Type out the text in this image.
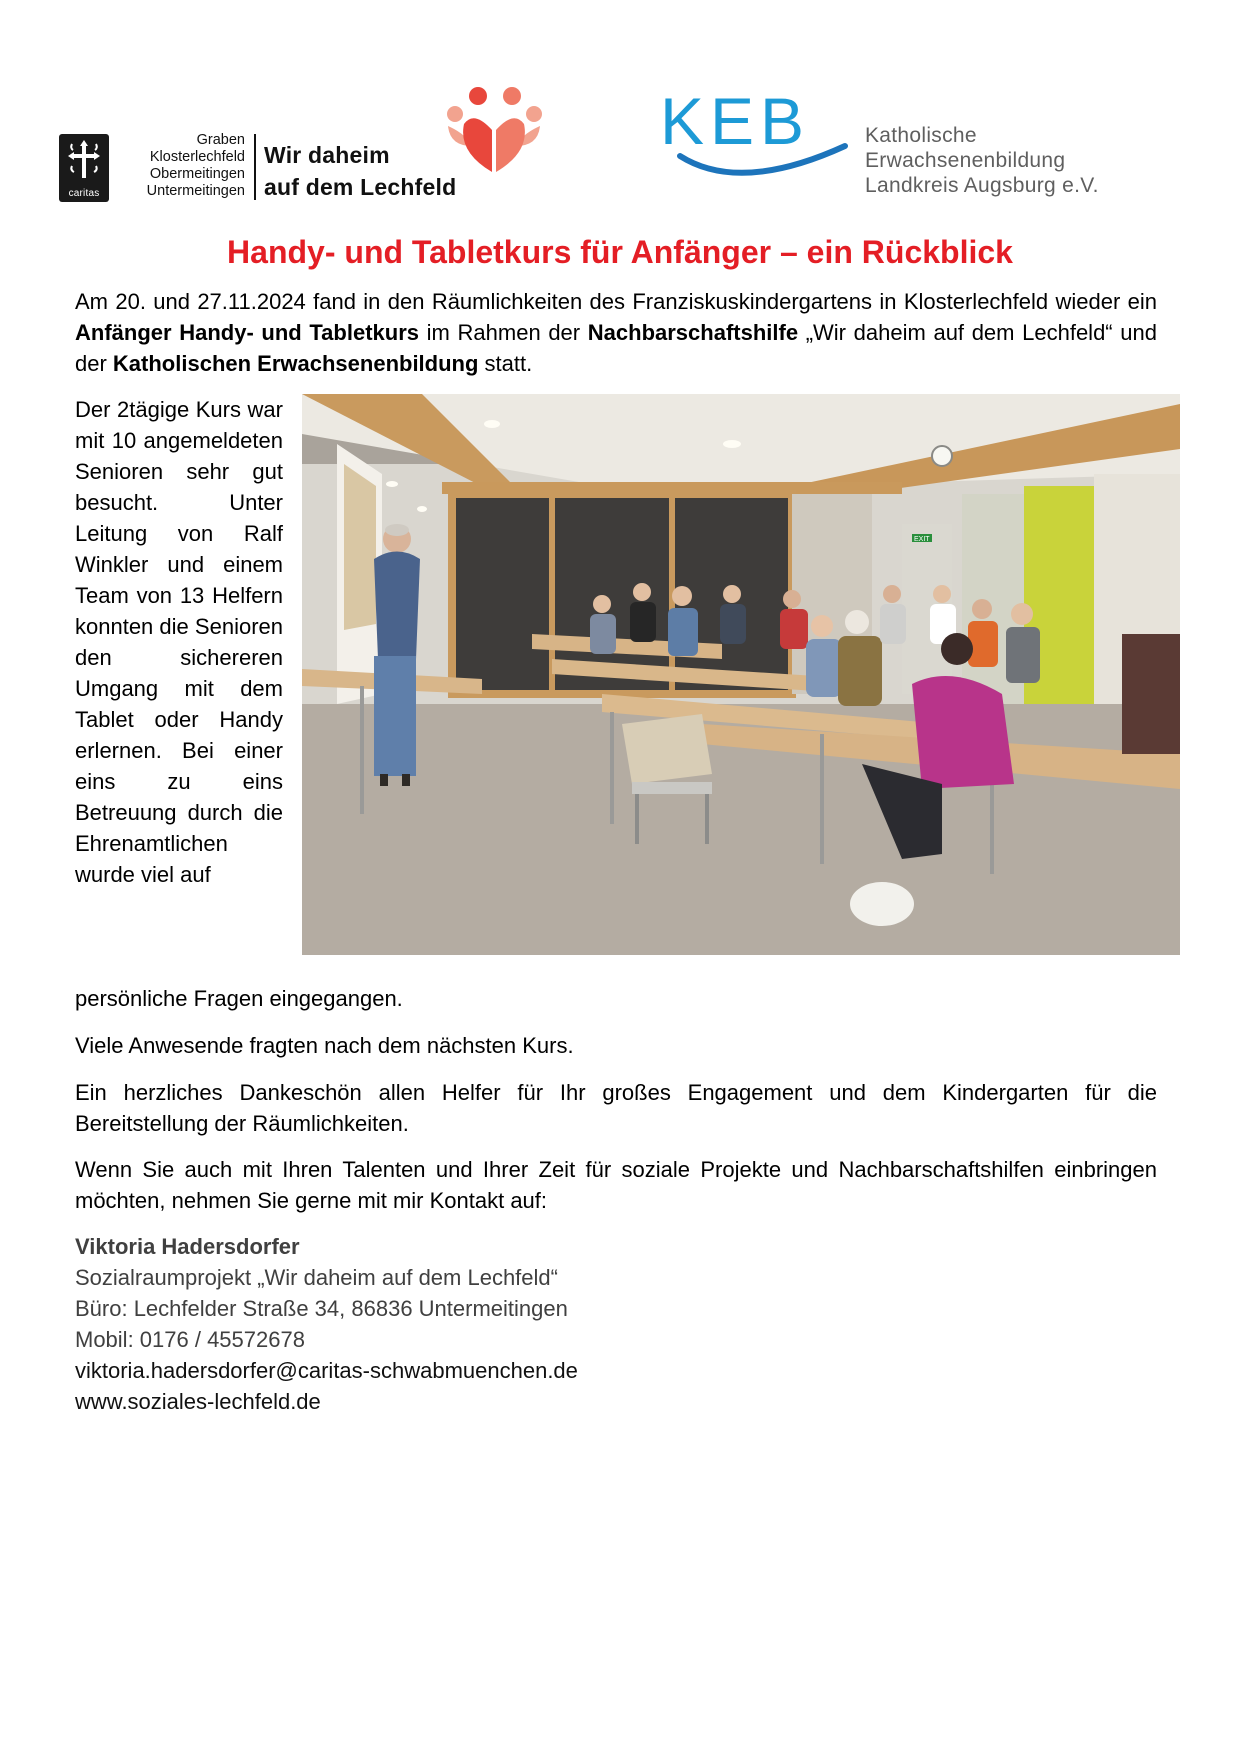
caritas
Graben
Klosterlechfeld
Obermeitingen
Untermeitingen
Wir daheim
auf dem Lechfeld
KEB	Katholische
Erwachsenenbildung
Landkreis Augsburg e.V.
Handy- und Tabletkurs für Anfänger – ein Rückblick

Am 20. und 27.11.2024 fand in den Räumlichkeiten des Franziskuskindergartens in Klosterlechfeld wieder ein Anfänger Handy- und Tabletkurs im Rahmen der Nachbarschaftshilfe „Wir daheim auf dem Lechfeld“ und der Katholischen Erwachsenenbildung statt.

Der 2tägige Kurs war mit 10 angemeldeten Senioren sehr gut besucht. Unter Leitung von Ralf Winkler und einem Team von 13 Helfern konnten die Senioren den sichereren Umgang mit dem Tablet oder Handy erlernen. Bei einer eins zu eins Betreuung durch die Ehrenamtlichen wurde viel auf

EXIT

persönliche Fragen eingegangen.

Viele Anwesende fragten nach dem nächsten Kurs.

Ein herzliches Dankeschön allen Helfer für Ihr großes Engagement und dem Kindergarten für die Bereitstellung der Räumlichkeiten.

Wenn Sie auch mit Ihren Talenten und Ihrer Zeit für soziale Projekte und Nachbarschaftshilfen einbringen möchten, nehmen Sie gerne mit mir Kontakt auf:

Viktoria Hadersdorfer
Sozialraumprojekt „Wir daheim auf dem Lechfeld“
Büro: Lechfelder Straße 34, 86836 Untermeitingen
Mobil: 0176 / 45572678
viktoria.hadersdorfer@caritas-schwabmuenchen.de
www.soziales-lechfeld.de
